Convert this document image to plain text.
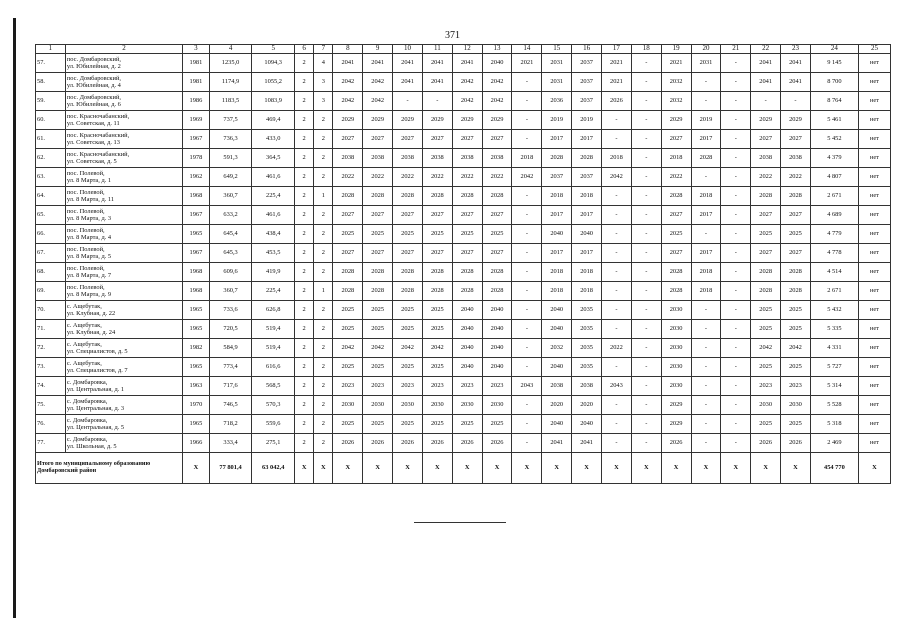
371
1	2	3	4	5	6	7	8	9	10	11	12	13	14	15	16	17	18	19	20	21	22	23	24	25
57.	пос. Домбаровский,
ул. Юбилейная, д. 2	1981	1235,0	1094,3	2	4	2041	2041	2041	2041	2041	2040	2021	2031	2037	2021	-	2021	2031	-	2041	2041	9 145	нет
58.	пос. Домбаровский,
ул. Юбилейная, д. 4	1981	1174,9	1055,2	2	3	2042	2042	2041	2041	2042	2042	-	2031	2037	2021	-	2032	-	-	2041	2041	8 700	нет
59.	пос. Домбаровский,
ул. Юбилейная, д. 6	1986	1183,5	1083,9	2	3	2042	2042	-	-	2042	2042	-	2036	2037	2026	-	2032	-	-	-	-	8 764	нет
60.	пос. Красночабанский,
ул. Советская, д. 11	1969	737,5	469,4	2	2	2029	2029	2029	2029	2029	2029	-	2019	2019	-	-	2029	2019	-	2029	2029	5 461	нет
61.	пос. Красночабанский,
ул. Советская, д. 13	1967	736,3	433,0	2	2	2027	2027	2027	2027	2027	2027	-	2017	2017	-	-	2027	2017	-	2027	2027	5 452	нет
62.	пос. Красночабанский,
ул. Советская, д. 5	1978	591,3	364,5	2	2	2038	2038	2038	2038	2038	2038	2018	2028	2028	2018	-	2018	2028	-	2038	2038	4 379	нет
63.	пос. Полевой,
ул. 8 Марта, д. 1	1962	649,2	461,6	2	2	2022	2022	2022	2022	2022	2022	2042	2037	2037	2042	-	2022	-	-	2022	2022	4 807	нет
64.	пос. Полевой,
ул. 8 Марта, д. 11	1968	360,7	225,4	2	1	2028	2028	2028	2028	2028	2028	-	2018	2018	-	-	2028	2018	-	2028	2028	2 671	нет
65.	пос. Полевой,
ул. 8 Марта, д. 3	1967	633,2	461,6	2	2	2027	2027	2027	2027	2027	2027	-	2017	2017	-	-	2027	2017	-	2027	2027	4 689	нет
66.	пос. Полевой,
ул. 8 Марта, д. 4	1965	645,4	438,4	2	2	2025	2025	2025	2025	2025	2025	-	2040	2040	-	-	2025	-	-	2025	2025	4 779	нет
67.	пос. Полевой,
ул. 8 Марта, д. 5	1967	645,3	453,5	2	2	2027	2027	2027	2027	2027	2027	-	2017	2017	-	-	2027	2017	-	2027	2027	4 778	нет
68.	пос. Полевой,
ул. 8 Марта, д. 7	1968	609,6	419,9	2	2	2028	2028	2028	2028	2028	2028	-	2018	2018	-	-	2028	2018	-	2028	2028	4 514	нет
69.	пос. Полевой,
ул. 8 Марта, д. 9	1968	360,7	225,4	2	1	2028	2028	2028	2028	2028	2028	-	2018	2018	-	-	2028	2018	-	2028	2028	2 671	нет
70.	с. Ащебутак,
ул. Клубная, д. 22	1965	733,6	626,8	2	2	2025	2025	2025	2025	2040	2040	-	2040	2035	-	-	2030	-	-	2025	2025	5 432	нет
71.	с. Ащебутак,
ул. Клубная, д. 24	1965	720,5	519,4	2	2	2025	2025	2025	2025	2040	2040	-	2040	2035	-	-	2030	-	-	2025	2025	5 335	нет
72.	с. Ащебутак,
ул. Специалистов, д. 5	1982	584,9	519,4	2	2	2042	2042	2042	2042	2040	2040	-	2032	2035	2022	-	2030	-	-	2042	2042	4 331	нет
73.	с. Ащебутак,
ул. Специалистов, д. 7	1965	773,4	616,6	2	2	2025	2025	2025	2025	2040	2040	-	2040	2035	-	-	2030	-	-	2025	2025	5 727	нет
74.	с. Домбаровка,
ул. Центральная, д. 1	1963	717,6	568,5	2	2	2023	2023	2023	2023	2023	2023	2043	2038	2038	2043	-	2030	-	-	2023	2023	5 314	нет
75.	с. Домбаровка,
ул. Центральная, д. 3	1970	746,5	570,3	2	2	2030	2030	2030	2030	2030	2030	-	2020	2020	-	-	2029	-	-	2030	2030	5 528	нет
76.	с. Домбаровка,
ул. Центральная, д. 5	1965	718,2	559,6	2	2	2025	2025	2025	2025	2025	2025	-	2040	2040	-	-	2029	-	-	2025	2025	5 318	нет
77.	с. Домбаровка,
ул. Школьная, д. 5	1966	333,4	275,1	2	2	2026	2026	2026	2026	2026	2026	-	2041	2041	-	-	2026	-	-	2026	2026	2 469	нет
Итого по муниципальному образованию Домбаровский район		X	77 801,4	63 042,4	X	X	X	X	X	X	X	X	X	X	X	X	X	X	X	X	X	X	454 770	X
